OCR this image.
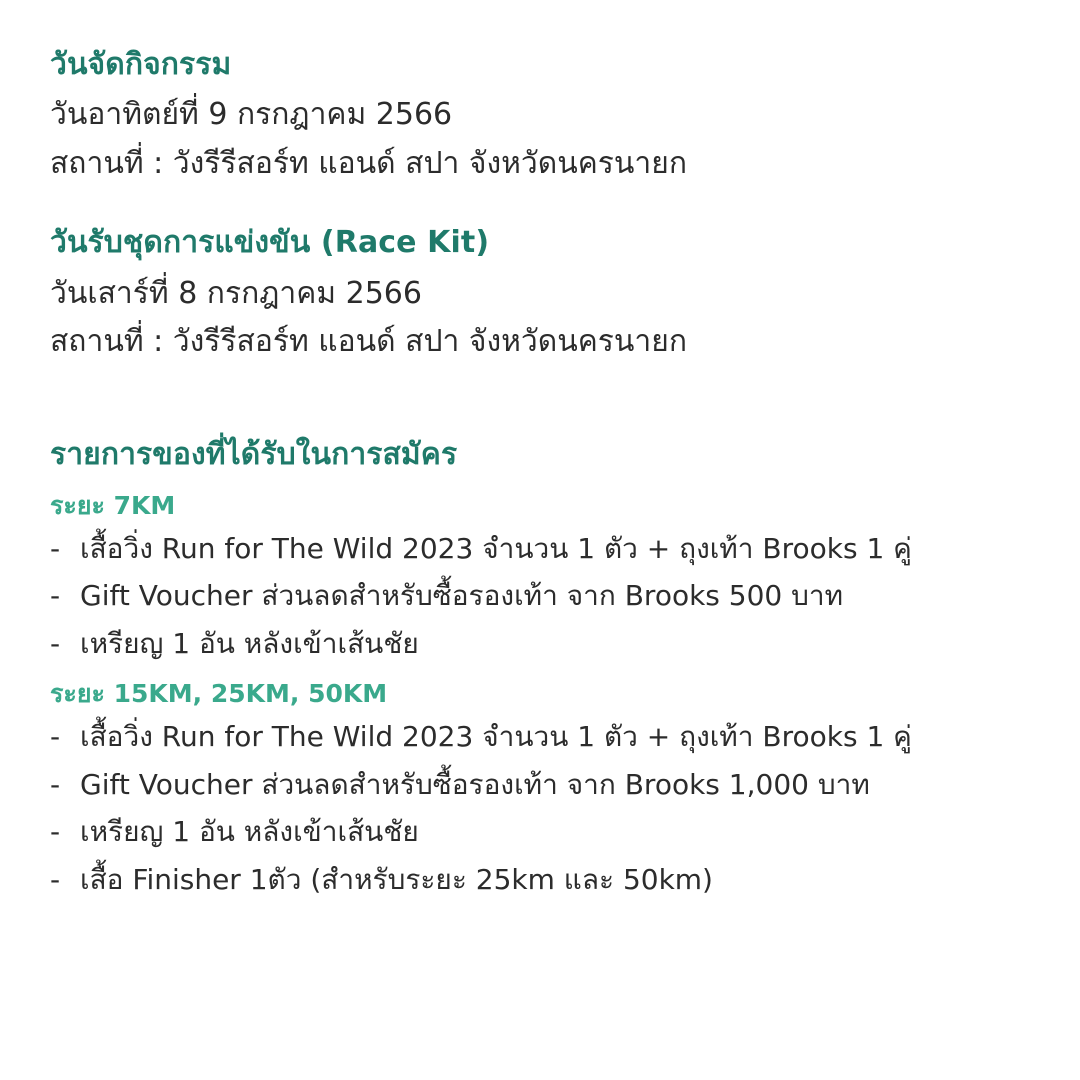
วันจัดกิจกรรม

วันอาทิตย์ที่ 9 กรกฎาคม 2566

สถานที่ : วังรีรีสอร์ท แอนด์ สปา จังหวัดนครนายก

วันรับชุดการแข่งขัน (Race Kit)

วันเสาร์ที่ 8 กรกฎาคม 2566

สถานที่ : วังรีรีสอร์ท แอนด์ สปา จังหวัดนครนายก

รายการของที่ได้รับในการสมัคร

ระยะ 7KM

- เสื้อวิ่ง Run for The Wild 2023 จำนวน 1 ตัว + ถุงเท้า Brooks 1 คู่
- Gift Voucher ส่วนลดสำหรับซื้อรองเท้า จาก Brooks 500 บาท
- เหรียญ 1 อัน หลังเข้าเส้นชัย

ระยะ 15KM, 25KM, 50KM

- เสื้อวิ่ง Run for The Wild 2023 จำนวน 1 ตัว + ถุงเท้า Brooks 1 คู่
- Gift Voucher ส่วนลดสำหรับซื้อรองเท้า จาก Brooks 1,000 บาท
- เหรียญ 1 อัน หลังเข้าเส้นชัย
- เสื้อ Finisher 1ตัว (สำหรับระยะ 25km และ 50km)
